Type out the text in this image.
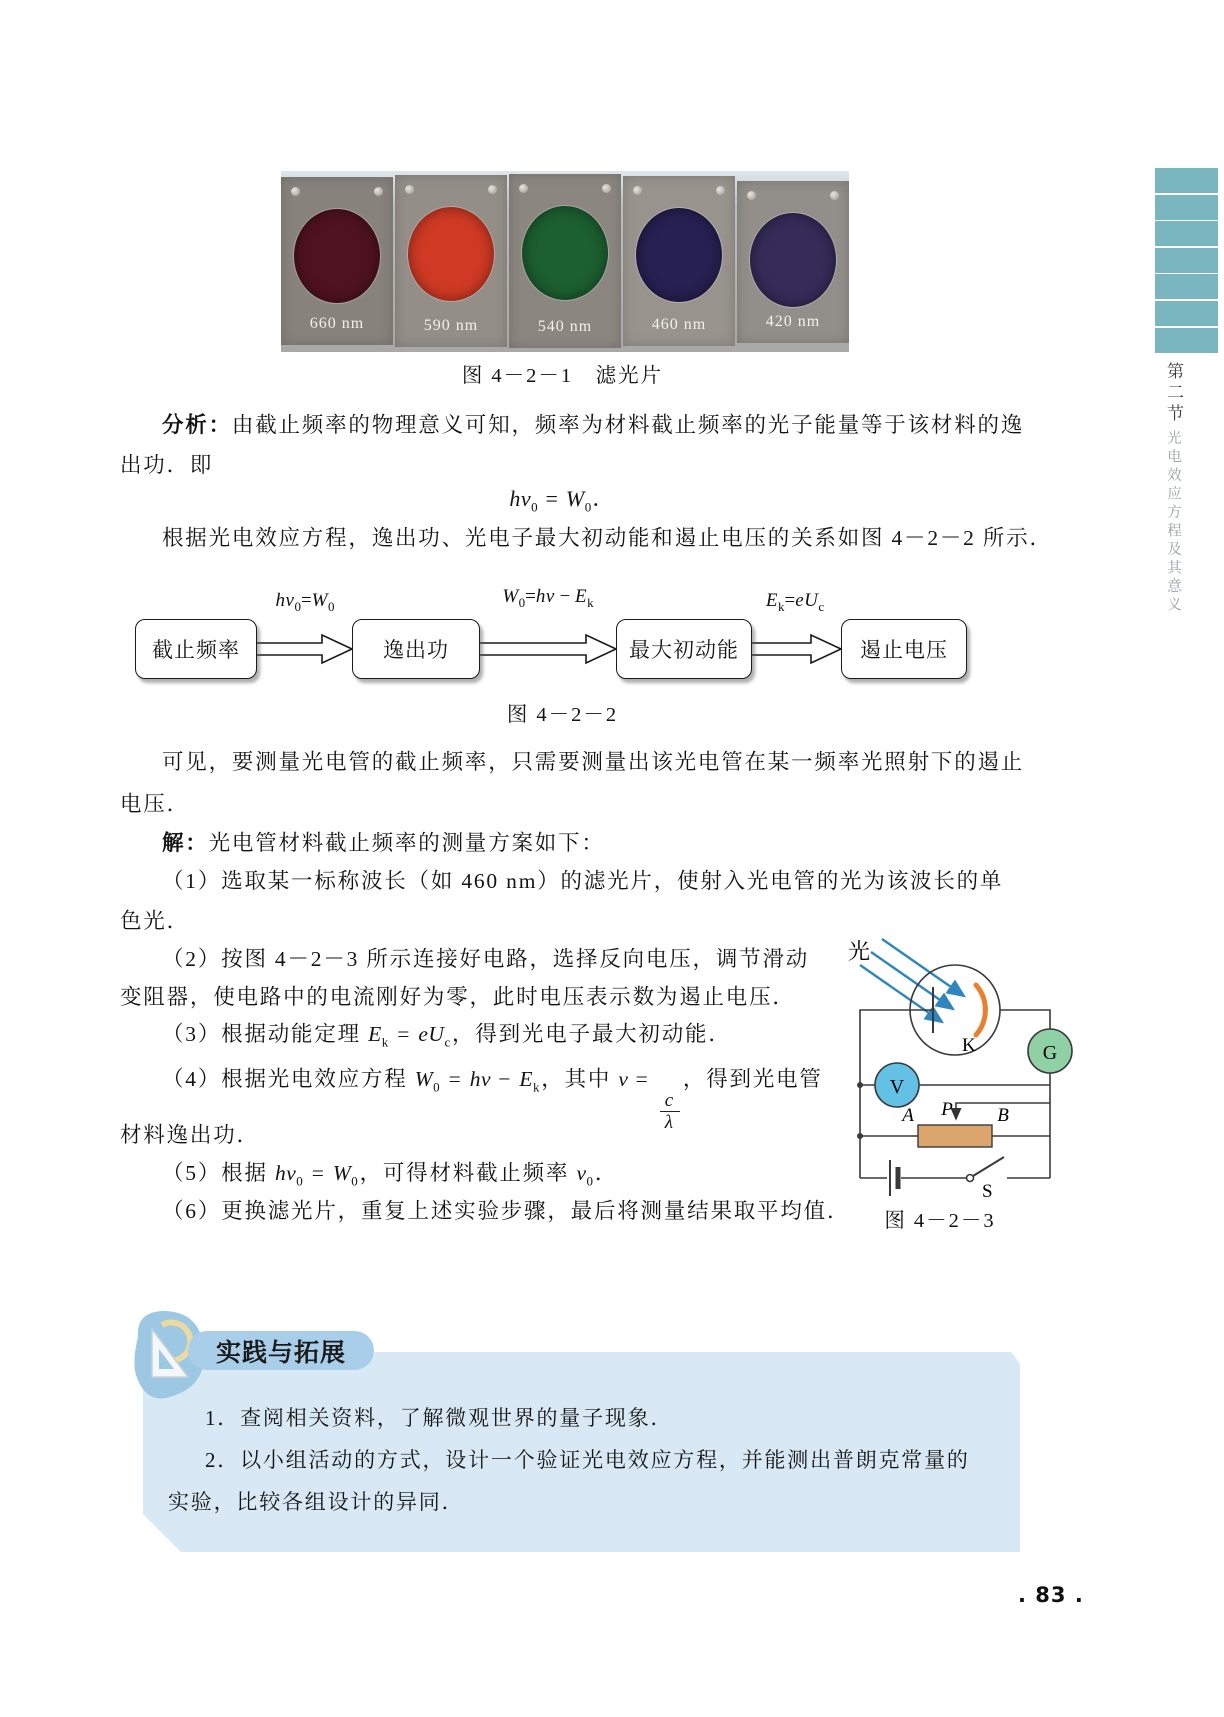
660 nm	590 nm	540 nm	460 nm	420 nm
图 4－2－1　滤光片
分析：由截止频率的物理意义可知，频率为材料截止频率的光子能量等于该材料的逸
出功．即
$h\nu_0 = W_0$．
根据光电效应方程，逸出功、光电子最大初动能和遏止电压的关系如图 4－2－2 所示．
截止频率	逸出功	最大初动能	遏止电压
$h\nu_0=W_0$	$W_0=h\nu - E_k$	$E_k=eU_c$
图 4－2－2
可见，要测量光电管的截止频率，只需要测量出该光电管在某一频率光照射下的遏止
电压．
解：光电管材料截止频率的测量方案如下：
（1）选取某一标称波长（如 460 nm）的滤光片，使射入光电管的光为该波长的单
色光．
（2）按图 4－2－3 所示连接好电路，选择反向电压，调节滑动
变阻器，使电路中的电流刚好为零，此时电压表示数为遏止电压．
（3）根据动能定理 $E_k = eU_c$，得到光电子最大初动能．
（4）根据光电效应方程 $W_0 = h\nu - E_k$，其中 ν =
$\frac{c}{\lambda}$
，得到光电管
材料逸出功．
（5）根据 $h\nu_0 = W_0$，可得材料截止频率 $\nu_0$．
（6）更换滤光片，重复上述实验步骤，最后将测量结果取平均值．
光
K	G
V
A P B
S
图 4－2－3
实践与拓展
1．查阅相关资料，了解微观世界的量子现象．
2．以小组活动的方式，设计一个验证光电效应方程，并能测出普朗克常量的
实验，比较各组设计的异同．
第二节
光电效应方程及其意义
. 83 .
